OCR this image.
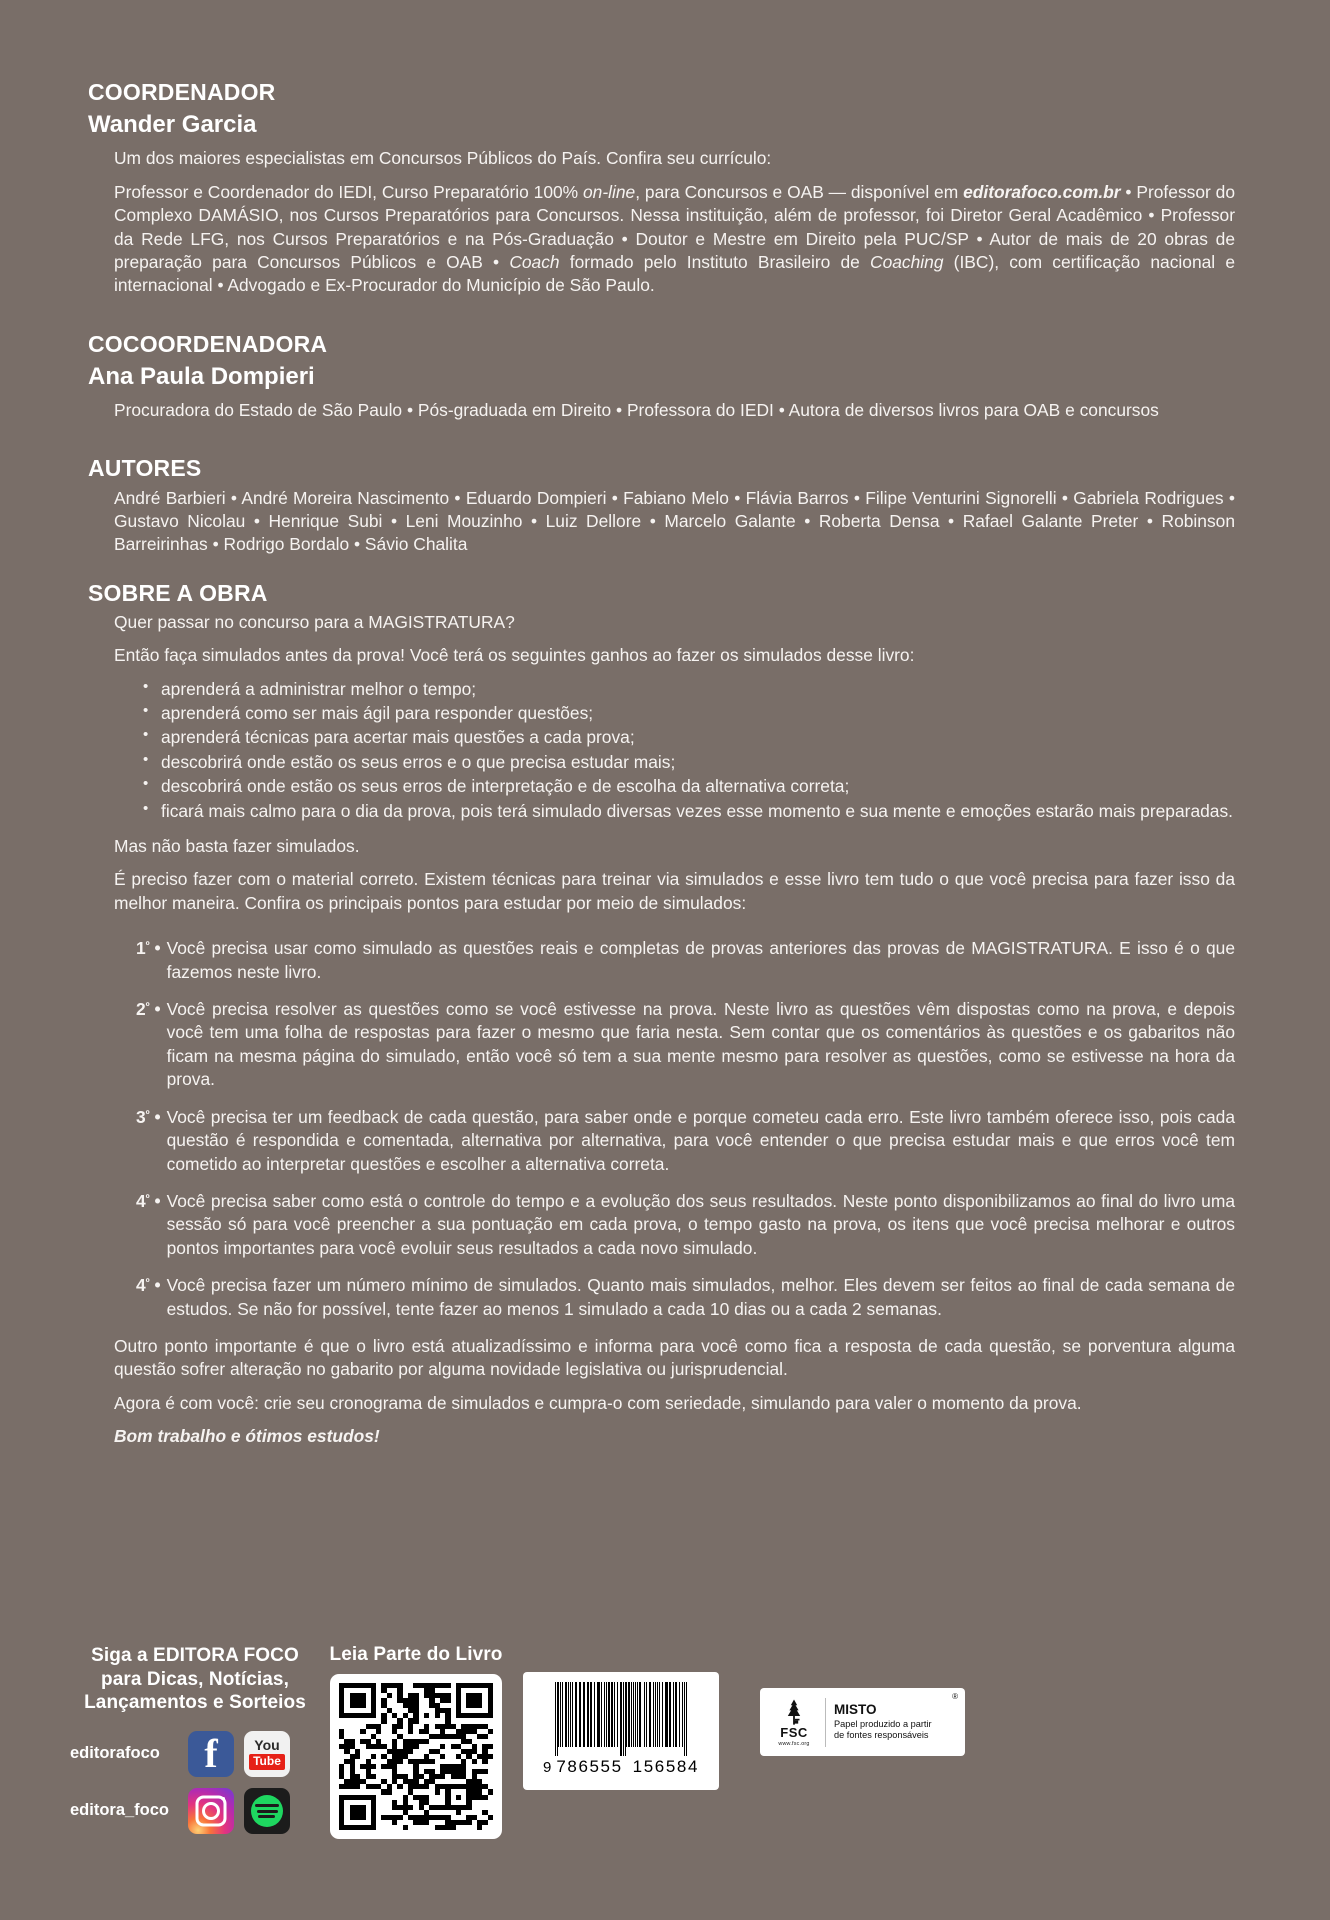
COORDENADOR
Wander Garcia
Um dos maiores especialistas em Concursos Públicos do País. Confira seu currículo:
Professor e Coordenador do IEDI, Curso Preparatório 100% on-line, para Concursos e OAB — disponível em editorafoco.com.br • Professor do Complexo DAMÁSIO, nos Cursos Preparatórios para Concursos. Nessa instituição, além de professor, foi Diretor Geral Acadêmico • Professor da Rede LFG, nos Cursos Preparatórios e na Pós-Graduação • Doutor e Mestre em Direito pela PUC/SP • Autor de mais de 20 obras de preparação para Concursos Públicos e OAB • Coach formado pelo Instituto Brasileiro de Coaching (IBC), com certificação nacional e internacional • Advogado e Ex-Procurador do Município de São Paulo.
COCOORDENADORA
Ana Paula Dompieri
Procuradora do Estado de São Paulo • Pós-graduada em Direito • Professora do IEDI • Autora de diversos livros para OAB e concursos
AUTORES
André Barbieri • André Moreira Nascimento • Eduardo Dompieri • Fabiano Melo • Flávia Barros • Filipe Venturini Signorelli • Gabriela Rodrigues • Gustavo Nicolau • Henrique Subi • Leni Mouzinho • Luiz Dellore • Marcelo Galante • Roberta Densa • Rafael Galante Preter • Robinson Barreirinhas • Rodrigo Bordalo • Sávio Chalita
SOBRE A OBRA
Quer passar no concurso para a MAGISTRATURA?
Então faça simulados antes da prova! Você terá os seguintes ganhos ao fazer os simulados desse livro:
• aprenderá a administrar melhor o tempo;
• aprenderá como ser mais ágil para responder questões;
• aprenderá técnicas para acertar mais questões a cada prova;
• descobrirá onde estão os seus erros e o que precisa estudar mais;
• descobrirá onde estão os seus erros de interpretação e de escolha da alternativa correta;
• ficará mais calmo para o dia da prova, pois terá simulado diversas vezes esse momento e sua mente e emoções estarão mais preparadas.
Mas não basta fazer simulados.
É preciso fazer com o material correto. Existem técnicas para treinar via simulados e esse livro tem tudo o que você precisa para fazer isso da melhor maneira. Confira os principais pontos para estudar por meio de simulados:
$1^º$ • Você precisa usar como simulado as questões reais e completas de provas anteriores das provas de MAGISTRATURA. E isso é o que fazemos neste livro.
$2^º$ • Você precisa resolver as questões como se você estivesse na prova. Neste livro as questões vêm dispostas como na prova, e depois você tem uma folha de respostas para fazer o mesmo que faria nesta. Sem contar que os comentários às questões e os gabaritos não ficam na mesma página do simulado, então você só tem a sua mente mesmo para resolver as questões, como se estivesse na hora da prova.
$3^º$ • Você precisa ter um feedback de cada questão, para saber onde e porque cometeu cada erro. Este livro também oferece isso, pois cada questão é respondida e comentada, alternativa por alternativa, para você entender o que precisa estudar mais e que erros você tem cometido ao interpretar questões e escolher a alternativa correta.
$4^º$ • Você precisa saber como está o controle do tempo e a evolução dos seus resultados. Neste ponto disponibilizamos ao final do livro uma sessão só para você preencher a sua pontuação em cada prova, o tempo gasto na prova, os itens que você precisa melhorar e outros pontos importantes para você evoluir seus resultados a cada novo simulado.
$4^º$ • Você precisa fazer um número mínimo de simulados. Quanto mais simulados, melhor. Eles devem ser feitos ao final de cada semana de estudos. Se não for possível, tente fazer ao menos 1 simulado a cada 10 dias ou a cada 2 semanas.
Outro ponto importante é que o livro está atualizadíssimo e informa para você como fica a resposta de cada questão, se porventura alguma questão sofrer alteração no gabarito por alguma novidade legislativa ou jurisprudencial.
Agora é com você: crie seu cronograma de simulados e cumpra-o com seriedade, simulando para valer o momento da prova.
Bom trabalho e ótimos estudos!
Siga a EDITORA FOCO
para Dicas, Notícias,
Lançamentos e Sorteios
editorafoco	f	You
Tube
editora_foco
Leia Parte do Livro
9 786555 156584
®
FSC
www.fsc.org
MISTO
Papel produzido a partir
de fontes responsáveis
